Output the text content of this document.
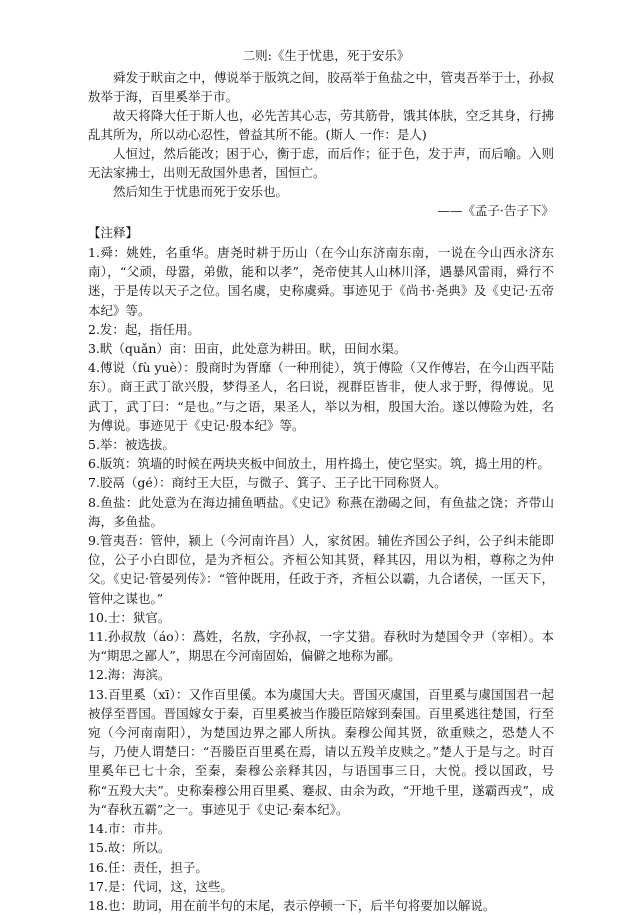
二则:《生于忧患，死于安乐》

舜发于畎亩之中，傅说举于版筑之间，胶鬲举于鱼盐之中，管夷吾举于士，孙叔敖举于海，百里奚举于市。

故天将降大任于斯人也，必先苦其心志，劳其筋骨，饿其体肤，空乏其身，行拂乱其所为，所以动心忍性，曾益其所不能。(斯人 一作：是人)

人恒过，然后能改；困于心，衡于虑，而后作；征于色，发于声，而后喻。入则无法家拂士，出则无敌国外患者，国恒亡。

然后知生于忧患而死于安乐也。

——《孟子·告子下》

【注释】

1.舜：姚姓，名重华。唐尧时耕于历山（在今山东济南东南，一说在今山西永济东南），“父顽，母嚣，弟傲，能和以孝”，尧帝使其人山林川泽，遇暴风雷雨，舜行不迷，于是传以天子之位。国名虞，史称虞舜。事迹见于《尚书·尧典》及《史记·五帝本纪》等。

2.发：起，指任用。

3.畎（quǎn）亩：田亩，此处意为耕田。畎，田间水渠。

4.傅说（fù yuè）：殷商时为胥靡（一种刑徒），筑于傅险（又作傅岩，在今山西平陆东）。商王武丁欲兴殷，梦得圣人，名曰说，视群臣皆非，使人求于野，得傅说。见武丁，武丁曰：“是也。”与之语，果圣人，举以为相，殷国大治。遂以傅险为姓，名为傅说。事迹见于《史记·殷本纪》等。

5.举：被选拔。

6.版筑：筑墙的时候在两块夹板中间放土，用杵捣土，使它坚实。筑，捣土用的杵。

7.胶鬲（gé）：商纣王大臣，与微子、箕子、王子比干同称贤人。

8.鱼盐：此处意为在海边捕鱼晒盐。《史记》称燕在渤碣之间，有鱼盐之饶；齐带山海，多鱼盐。

9.管夷吾：管仲，颍上（今河南许昌）人，家贫困。辅佐齐国公子纠，公子纠未能即位，公子小白即位，是为齐桓公。齐桓公知其贤，释其囚，用以为相，尊称之为仲父。《史记·管晏列传》：“管仲既用，任政于齐，齐桓公以霸，九合诸侯，一匡天下，管仲之谋也。”

10.士：狱官。

11.孙叔敖（áo）：蔿姓，名敖，字孙叔，一字艾猎。春秋时为楚国令尹（宰相）。本为“期思之鄙人”，期思在今河南固始，偏僻之地称为鄙。

12.海：海滨。

13.百里奚（xī）：又作百里傒。本为虞国大夫。晋国灭虞国，百里奚与虞国国君一起被俘至晋国。晋国嫁女于秦，百里奚被当作媵臣陪嫁到秦国。百里奚逃往楚国，行至宛（今河南南阳），为楚国边界之鄙人所执。秦穆公闻其贤，欲重赎之，恐楚人不与，乃使人谓楚曰：“吾媵臣百里奚在焉，请以五羖羊皮赎之。”楚人于是与之。时百里奚年已七十余，至秦，秦穆公亲释其囚，与语国事三日，大悦。授以国政，号称“五羖大夫”。史称秦穆公用百里奚、蹇叔、由余为政，“开地千里，遂霸西戎”，成为“春秋五霸”之一。事迹见于《史记·秦本纪》。

14.市：市井。

15.故：所以。

16.任：责任，担子。

17.是：代词，这，这些。

18.也：助词，用在前半句的末尾，表示停顿一下，后半句将要加以解说。
